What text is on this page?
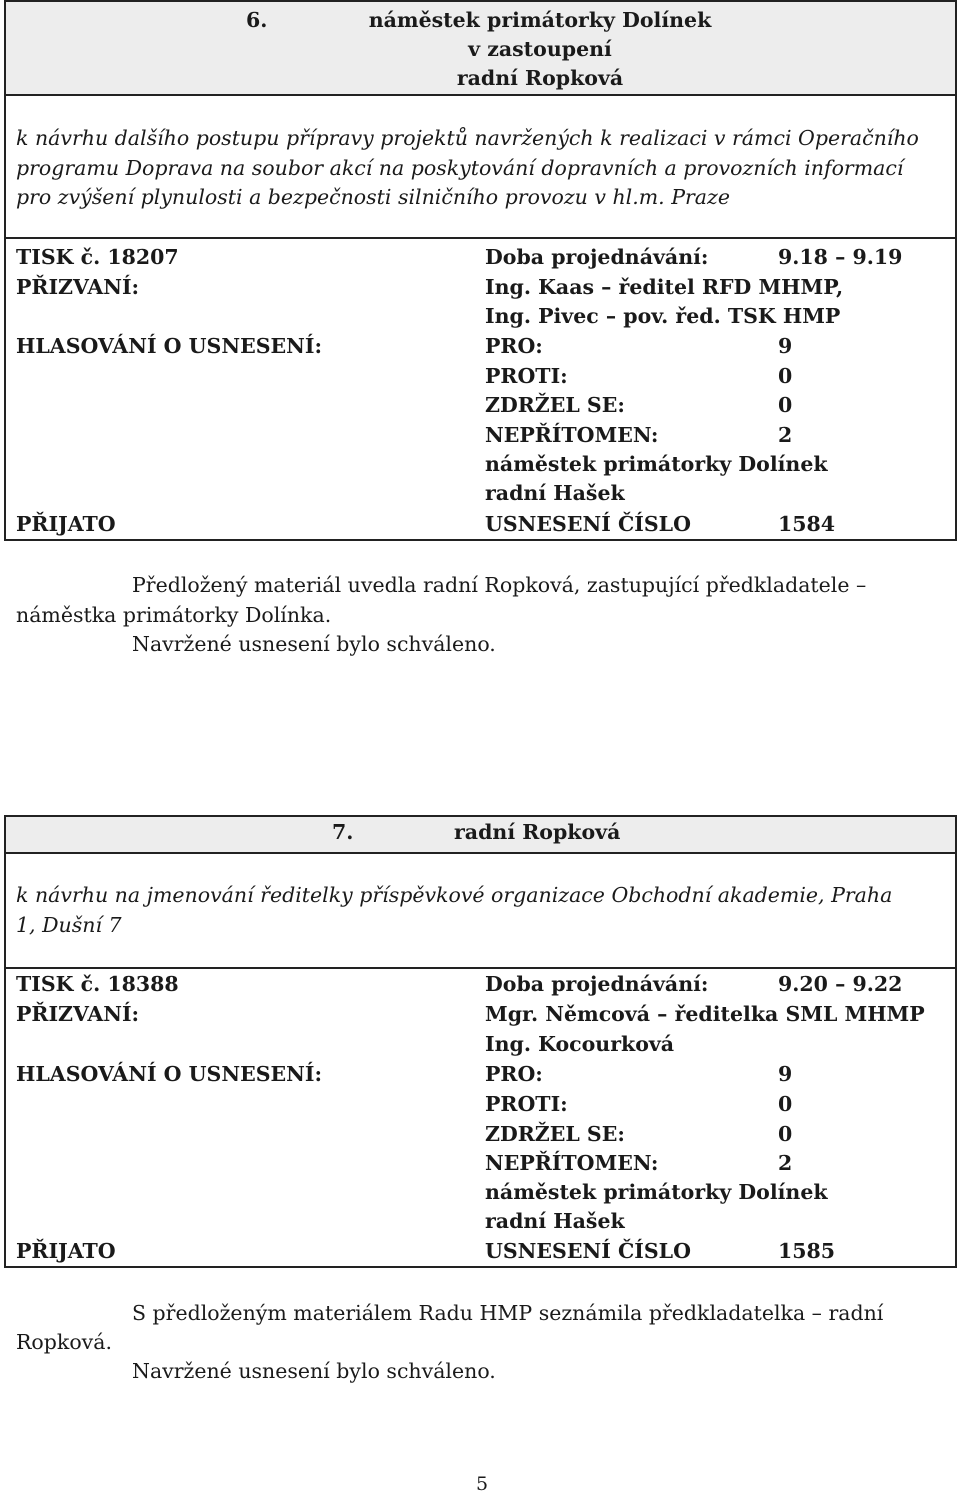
6.	náměstek primátorky Dolínek
v zastoupení
radní Ropková
k návrhu dalšího postupu přípravy projektů navržených k realizaci v rámci Operačního programu Doprava na soubor akcí na poskytování dopravních a provozních informací pro zvýšení plynulosti a bezpečnosti silničního provozu v hl.m. Praze
TISK č. 18207	Doba projednávání:	9.18 – 9.19
PŘIZVANÍ:	Ing. Kaas – ředitel RFD MHMP,
Ing. Pivec – pov. řed. TSK HMP
HLASOVÁNÍ O USNESENÍ:	PRO:	9
PROTI:	0
ZDRŽEL SE:	0
NEPŘÍTOMEN:	2
náměstek primátorky Dolínek
radní Hašek
PŘIJATO	USNESENÍ ČÍSLO	1584
Předložený materiál uvedla radní Ropková, zastupující předkladatele –
náměstka primátorky Dolínka.
Navržené usnesení bylo schváleno.
7.	radní Ropková
k návrhu na jmenování ředitelky příspěvkové organizace Obchodní akademie, Praha 1, Dušní 7
TISK č. 18388	Doba projednávání:	9.20 – 9.22
PŘIZVANÍ:	Mgr. Němcová – ředitelka SML MHMP
Ing. Kocourková
HLASOVÁNÍ O USNESENÍ:	PRO:	9
PROTI:	0
ZDRŽEL SE:	0
NEPŘÍTOMEN:	2
náměstek primátorky Dolínek
radní Hašek
PŘIJATO	USNESENÍ ČÍSLO	1585
S předloženým materiálem Radu HMP seznámila předkladatelka – radní
Ropková.
Navržené usnesení bylo schváleno.
5
